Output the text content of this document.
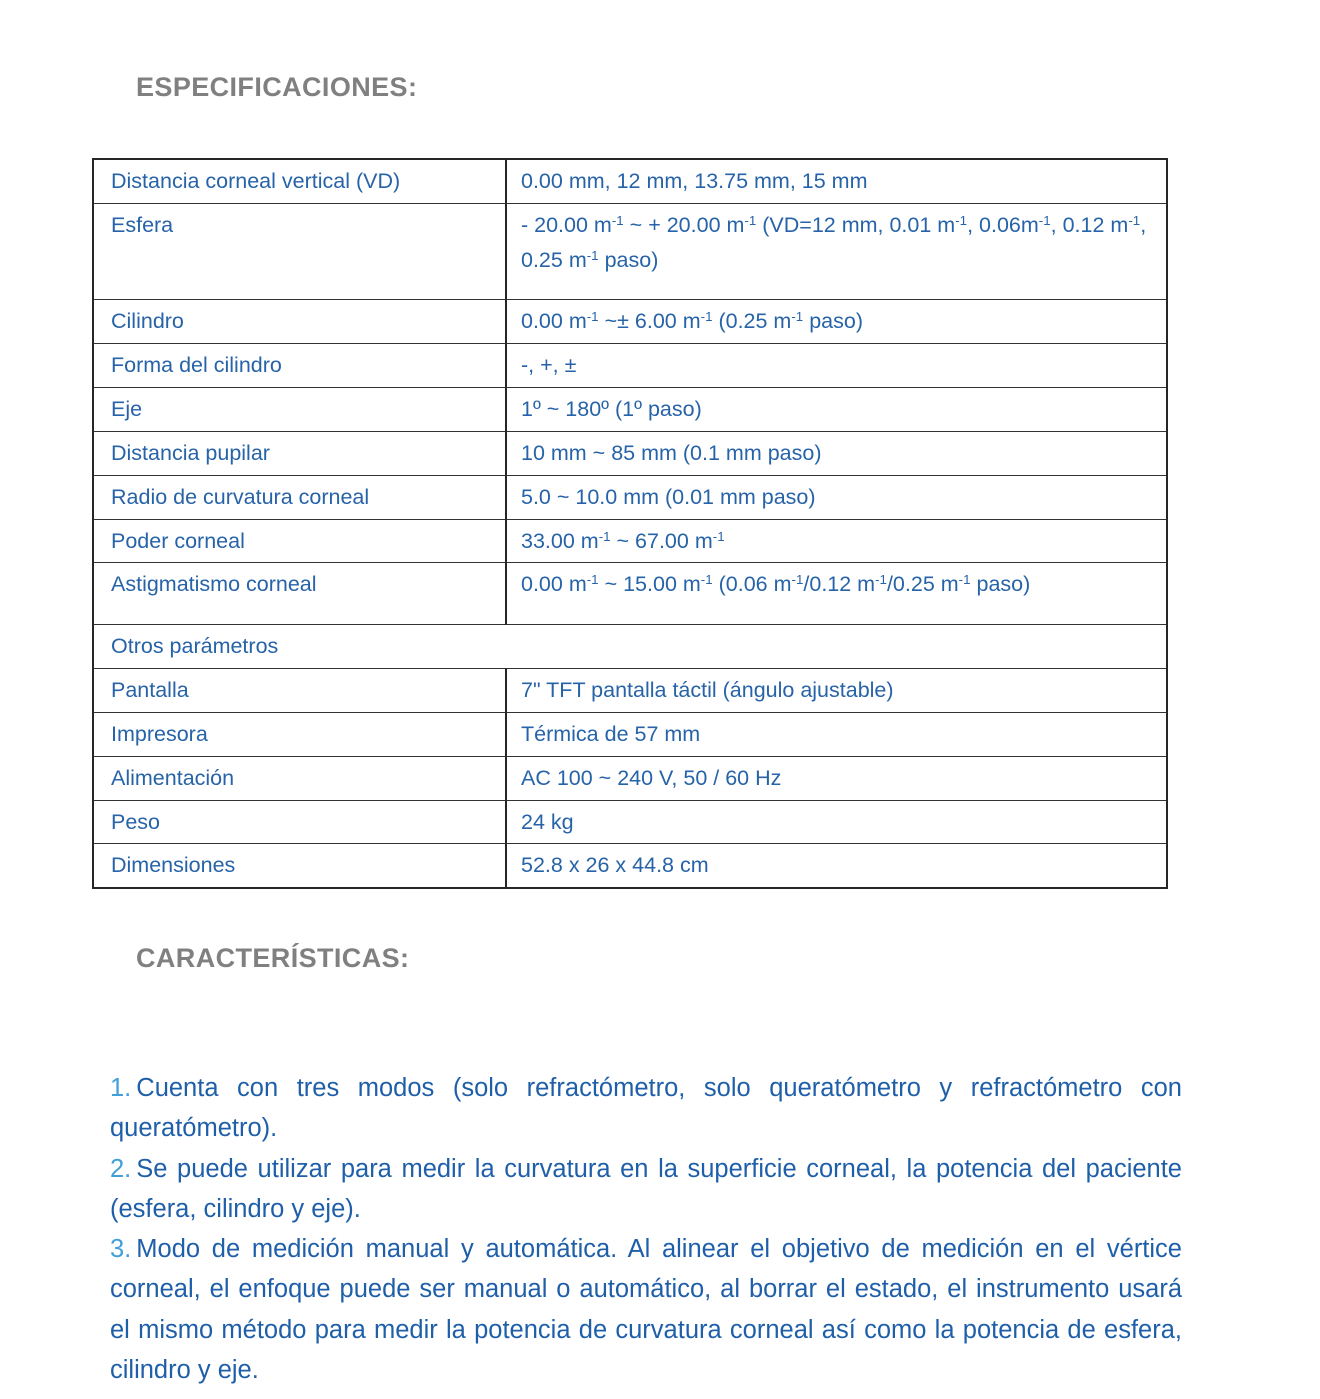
ESPECIFICACIONES:
Distancia corneal vertical (VD)	0.00 mm, 12 mm, 13.75 mm, 15 mm
Esfera	- 20.00 $m^{-1}$ ~ + 20.00 $m^{-1}$ (VD=12 mm, 0.01 $m^{-1}$, $0.06m^{-1}$, 0.12 $m^{-1}$, 0.25 $m^{-1}$ paso)
Cilindro	0.00 $m^{-1}$ ~± 6.00 $m^{-1}$ (0.25 $m^{-1}$ paso)
Forma del cilindro	-, +, ±
Eje	1º ~ 180º (1º paso)
Distancia pupilar	10 mm ~ 85 mm (0.1 mm paso)
Radio de curvatura corneal	5.0 ~ 10.0 mm (0.01 mm paso)
Poder corneal	33.00 $m^{-1}$ ~ 67.00 $m^{-1}$
Astigmatismo corneal	0.00 $m^{-1}$ ~ 15.00 $m^{-1}$ (0.06 $m^{-1}/0.12$ $m^{-1}/0.25$ $m^{-1}$ paso)
Otros parámetros	
Pantalla	7" TFT pantalla táctil (ángulo ajustable)
Impresora	Térmica de 57 mm
Alimentación	AC 100 ~ 240 V, 50 / 60 Hz
Peso	24 kg
Dimensiones	52.8 x 26 x 44.8 cm
CARACTERÍSTICAS:

1. Cuenta con tres modos (solo refractómetro, solo queratómetro y refractómetro con queratómetro).

2. Se puede utilizar para medir la curvatura en la superficie corneal, la potencia del paciente (esfera, cilindro y eje).

3. Modo de medición manual y automática. Al alinear el objetivo de medición en el vértice corneal, el enfoque puede ser manual o automático, al borrar el estado, el instrumento usará el mismo método para medir la potencia de curvatura corneal así como la potencia de esfera, cilindro y eje.
